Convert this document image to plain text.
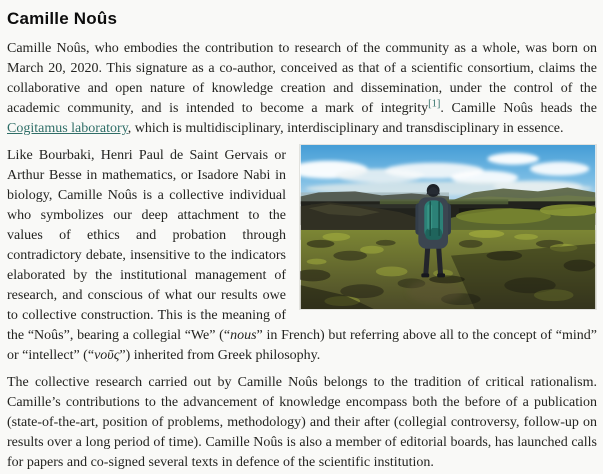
Camille Noûs

Camille Noûs, who embodies the contribution to research of the community as a whole, was born on March 20, 2020. This signature as a co-author, conceived as that of a scientific consortium, claims the collaborative and open nature of knowledge creation and dissemination, under the control of the academic community, and is intended to become a mark of integrity[1]. Camille Noûs heads the Cogitamus laboratory, which is multidisciplinary, interdisciplinary and transdisciplinary in essence.

Like Bourbaki, Henri Paul de Saint Gervais or Arthur Besse in mathematics, or Isadore Nabi in biology, Camille Noûs is a collective individual who symbolizes our deep attachment to the values of ethics and probation through contradictory debate, insensitive to the indicators elaborated by the institutional management of research, and conscious of what our results owe to collective construction. This is the meaning of the “Noûs”, bearing a collegial “We” (“nous” in French) but referring above all to the concept of “mind” or “intellect” (“νοῦς”) inherited from Greek philosophy.

The collective research carried out by Camille Noûs belongs to the tradition of critical rationalism. Camille’s contributions to the advancement of knowledge encompass both the before of a publication (state-of-the-art, position of problems, methodology) and their after (collegial controversy, follow-up on results over a long period of time). Camille Noûs is also a member of editorial boards, has launched calls for papers and co-signed several texts in defence of the scientific institution.
